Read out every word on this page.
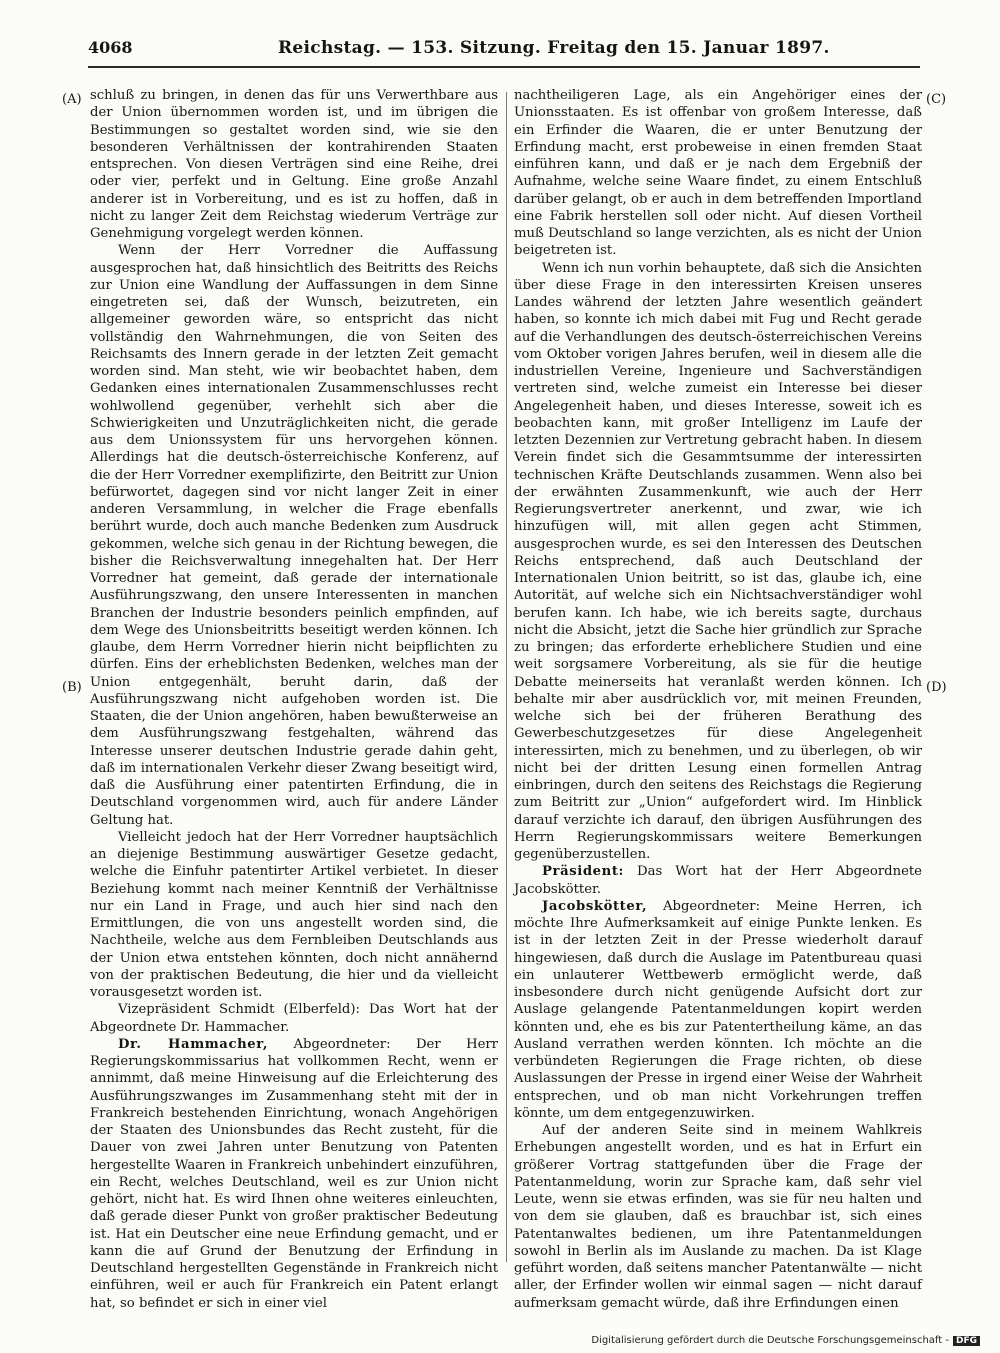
4068	Reichstag. — 153. Sitzung. Freitag den 15. Januar 1897.
(A)
(B)
(C)
(D)

schluß zu bringen, in denen das für uns Verwerthbare aus der Union übernommen worden ist, und im übrigen die Bestimmungen so gestaltet worden sind, wie sie den besonderen Verhältnissen der kontrahirenden Staaten entsprechen. Von diesen Verträgen sind eine Reihe, drei oder vier, perfekt und in Geltung. Eine große Anzahl anderer ist in Vorbereitung, und es ist zu hoffen, daß in nicht zu langer Zeit dem Reichstag wiederum Verträge zur Genehmigung vorgelegt werden können.

Wenn der Herr Vorredner die Auffassung ausgesprochen hat, daß hinsichtlich des Beitritts des Reichs zur Union eine Wandlung der Auffassungen in dem Sinne eingetreten sei, daß der Wunsch, beizutreten, ein allgemeiner geworden wäre, so entspricht das nicht vollständig den Wahrnehmungen, die von Seiten des Reichsamts des Innern gerade in der letzten Zeit gemacht worden sind. Man steht, wie wir beobachtet haben, dem Gedanken eines internationalen Zusammenschlusses recht wohlwollend gegenüber, verhehlt sich aber die Schwierigkeiten und Unzuträglichkeiten nicht, die gerade aus dem Unionssystem für uns hervorgehen können. Allerdings hat die deutsch-österreichische Konferenz, auf die der Herr Vorredner exemplifizirte, den Beitritt zur Union befürwortet, dagegen sind vor nicht langer Zeit in einer anderen Versammlung, in welcher die Frage ebenfalls berührt wurde, doch auch manche Bedenken zum Ausdruck gekommen, welche sich genau in der Richtung bewegen, die bisher die Reichsverwaltung innegehalten hat. Der Herr Vorredner hat gemeint, daß gerade der internationale Ausführungszwang, den unsere Interessenten in manchen Branchen der Industrie besonders peinlich empfinden, auf dem Wege des Unionsbeitritts beseitigt werden können. Ich glaube, dem Herrn Vorredner hierin nicht beipflichten zu dürfen. Eins der erheblichsten Bedenken, welches man der Union entgegenhält, beruht darin, daß der Ausführungszwang nicht aufgehoben worden ist. Die Staaten, die der Union angehören, haben bewußterweise an dem Ausführungszwang festgehalten, während das Interesse unserer deutschen Industrie gerade dahin geht, daß im internationalen Verkehr dieser Zwang beseitigt wird, daß die Ausführung einer patentirten Erfindung, die in Deutschland vorgenommen wird, auch für andere Länder Geltung hat.

Vielleicht jedoch hat der Herr Vorredner hauptsächlich an diejenige Bestimmung auswärtiger Gesetze gedacht, welche die Einfuhr patentirter Artikel verbietet. In dieser Beziehung kommt nach meiner Kenntniß der Verhältnisse nur ein Land in Frage, und auch hier sind nach den Ermittlungen, die von uns angestellt worden sind, die Nachtheile, welche aus dem Fernbleiben Deutschlands aus der Union etwa entstehen könnten, doch nicht annähernd von der praktischen Bedeutung, die hier und da vielleicht vorausgesetzt worden ist.

Vizepräsident Schmidt (Elberfeld): Das Wort hat der Abgeordnete Dr. Hammacher.

Dr. Hammacher, Abgeordneter: Der Herr Regierungskommissarius hat vollkommen Recht, wenn er annimmt, daß meine Hinweisung auf die Erleichterung des Ausführungszwanges im Zusammenhang steht mit der in Frankreich bestehenden Einrichtung, wonach Angehörigen der Staaten des Unionsbundes das Recht zusteht, für die Dauer von zwei Jahren unter Benutzung von Patenten hergestellte Waaren in Frankreich unbehindert einzuführen, ein Recht, welches Deutschland, weil es zur Union nicht gehört, nicht hat. Es wird Ihnen ohne weiteres einleuchten, daß gerade dieser Punkt von großer praktischer Bedeutung ist. Hat ein Deutscher eine neue Erfindung gemacht, und er kann die auf Grund der Benutzung der Erfindung in Deutschland hergestellten Gegenstände in Frankreich nicht einführen, weil er auch für Frankreich ein Patent erlangt hat, so befindet er sich in einer viel

nachtheiligeren Lage, als ein Angehöriger eines der Unionsstaaten. Es ist offenbar von großem Interesse, daß ein Erfinder die Waaren, die er unter Benutzung der Erfindung macht, erst probeweise in einen fremden Staat einführen kann, und daß er je nach dem Ergebniß der Aufnahme, welche seine Waare findet, zu einem Entschluß darüber gelangt, ob er auch in dem betreffenden Importland eine Fabrik herstellen soll oder nicht. Auf diesen Vortheil muß Deutschland so lange verzichten, als es nicht der Union beigetreten ist.

Wenn ich nun vorhin behauptete, daß sich die Ansichten über diese Frage in den interessirten Kreisen unseres Landes während der letzten Jahre wesentlich geändert haben, so konnte ich mich dabei mit Fug und Recht gerade auf die Verhandlungen des deutsch-österreichischen Vereins vom Oktober vorigen Jahres berufen, weil in diesem alle die industriellen Vereine, Ingenieure und Sachverständigen vertreten sind, welche zumeist ein Interesse bei dieser Angelegenheit haben, und dieses Interesse, soweit ich es beobachten kann, mit großer Intelligenz im Laufe der letzten Dezennien zur Vertretung gebracht haben. In diesem Verein findet sich die Gesammtsumme der interessirten technischen Kräfte Deutschlands zusammen. Wenn also bei der erwähnten Zusammenkunft, wie auch der Herr Regierungsvertreter anerkennt, und zwar, wie ich hinzufügen will, mit allen gegen acht Stimmen, ausgesprochen wurde, es sei den Interessen des Deutschen Reichs entsprechend, daß auch Deutschland der Internationalen Union beitritt, so ist das, glaube ich, eine Autorität, auf welche sich ein Nichtsachverständiger wohl berufen kann. Ich habe, wie ich bereits sagte, durchaus nicht die Absicht, jetzt die Sache hier gründlich zur Sprache zu bringen; das erforderte erheblichere Studien und eine weit sorgsamere Vorbereitung, als sie für die heutige Debatte meinerseits hat veranlaßt werden können. Ich behalte mir aber ausdrücklich vor, mit meinen Freunden, welche sich bei der früheren Berathung des Gewerbeschutzgesetzes für diese Angelegenheit interessirten, mich zu benehmen, und zu überlegen, ob wir nicht bei der dritten Lesung einen formellen Antrag einbringen, durch den seitens des Reichstags die Regierung zum Beitritt zur „Union“ aufgefordert wird. Im Hinblick darauf verzichte ich darauf, den übrigen Ausführungen des Herrn Regierungskommissars weitere Bemerkungen gegenüberzustellen.

Präsident: Das Wort hat der Herr Abgeordnete Jacobskötter.

Jacobskötter, Abgeordneter: Meine Herren, ich möchte Ihre Aufmerksamkeit auf einige Punkte lenken. Es ist in der letzten Zeit in der Presse wiederholt darauf hingewiesen, daß durch die Auslage im Patentbureau quasi ein unlauterer Wettbewerb ermöglicht werde, daß insbesondere durch nicht genügende Aufsicht dort zur Auslage gelangende Patentanmeldungen kopirt werden könnten und, ehe es bis zur Patentertheilung käme, an das Ausland verrathen werden könnten. Ich möchte an die verbündeten Regierungen die Frage richten, ob diese Auslassungen der Presse in irgend einer Weise der Wahrheit entsprechen, und ob man nicht Vorkehrungen treffen könnte, um dem entgegenzuwirken.

Auf der anderen Seite sind in meinem Wahlkreis Erhebungen angestellt worden, und es hat in Erfurt ein größerer Vortrag stattgefunden über die Frage der Patentanmeldung, worin zur Sprache kam, daß sehr viel Leute, wenn sie etwas erfinden, was sie für neu halten und von dem sie glauben, daß es brauchbar ist, sich eines Patentanwaltes bedienen, um ihre Patentanmeldungen sowohl in Berlin als im Auslande zu machen. Da ist Klage geführt worden, daß seitens mancher Patentanwälte — nicht aller, der Erfinder wollen wir einmal sagen — nicht darauf aufmerksam gemacht würde, daß ihre Erfindungen einen

Digitalisierung gefördert durch die Deutsche Forschungsgemeinschaft - DFG
